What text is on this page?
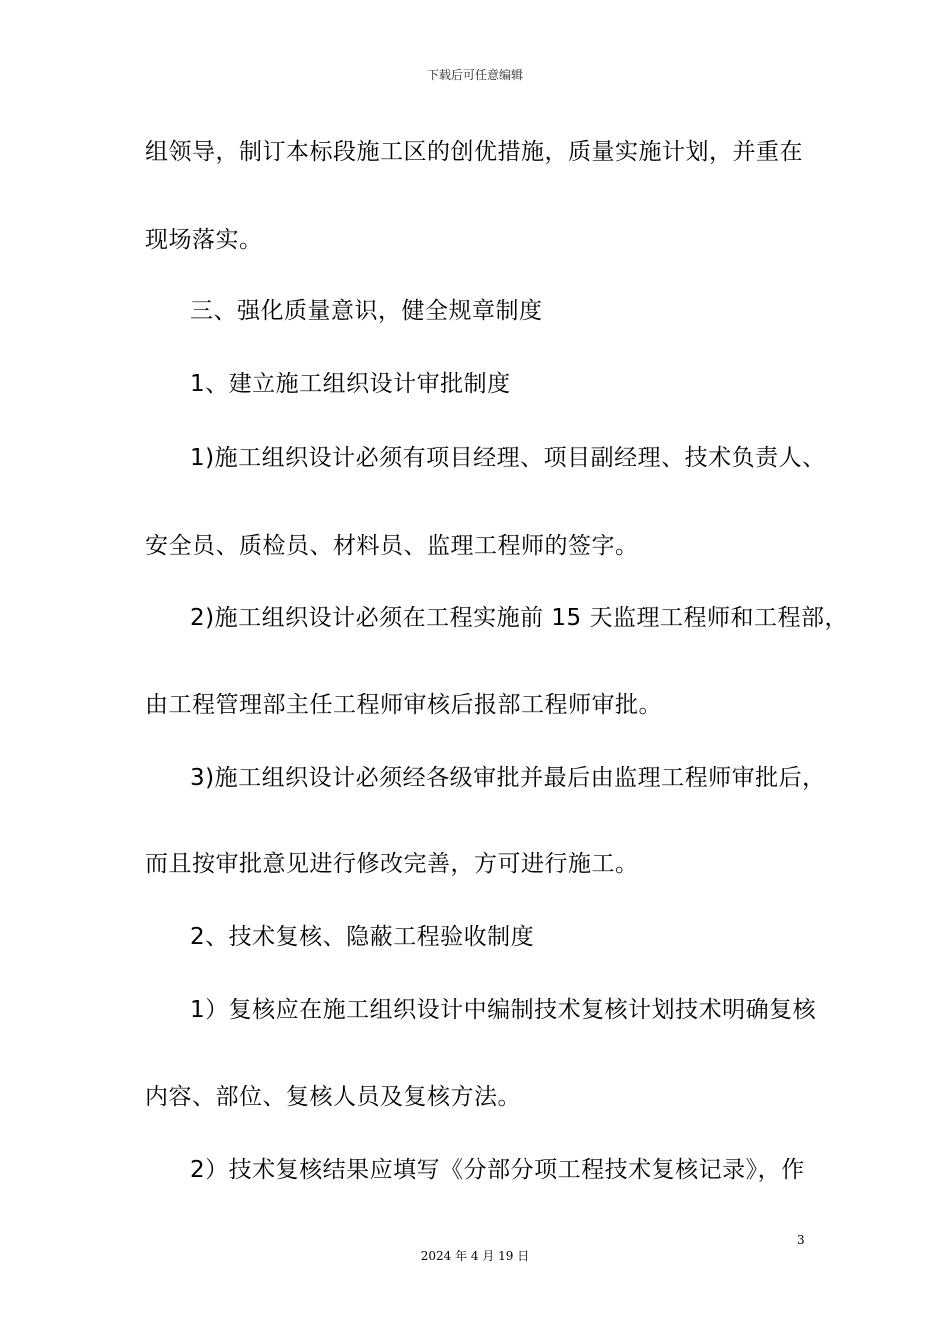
下载后可任意编辑
组领导，制订本标段施工区的创优措施，质量实施计划，并重在
现场落实。
三、强化质量意识，健全规章制度
1、建立施工组织设计审批制度
1)施工组织设计必须有项目经理、项目副经理、技术负责人、
安全员、质检员、材料员、监理工程师的签字。
2)施工组织设计必须在工程实施前 15 天监理工程师和工程部，
由工程管理部主任工程师审核后报部工程师审批。
3)施工组织设计必须经各级审批并最后由监理工程师审批后，
而且按审批意见进行修改完善，方可进行施工。
2、技术复核、隐蔽工程验收制度
1）复核应在施工组织设计中编制技术复核计划技术明确复核
内容、部位、复核人员及复核方法。
2）技术复核结果应填写《分部分项工程技术复核记录》，作
3
2024 年 4 月 19 日
